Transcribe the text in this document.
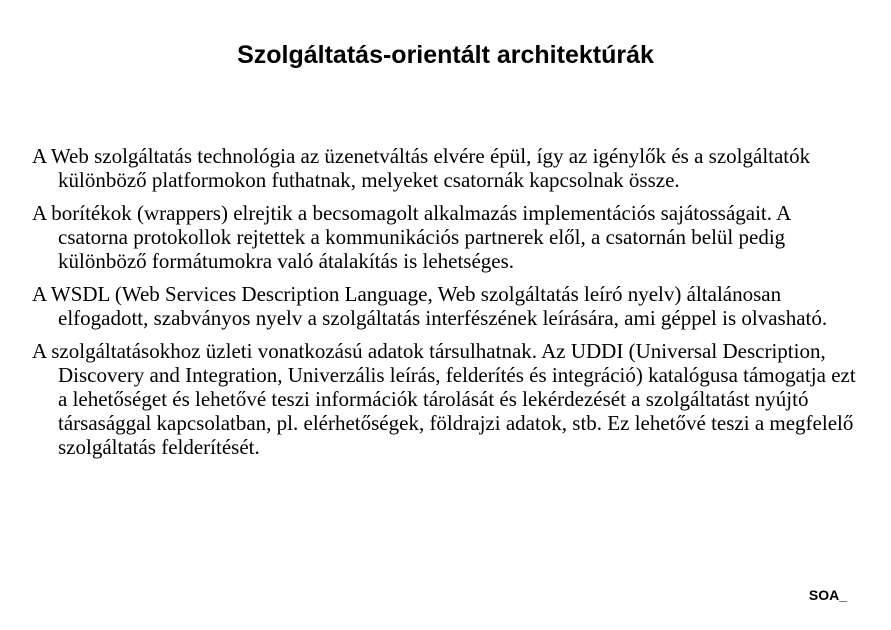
Szolgáltatás-orientált architektúrák
A Web szolgáltatás technológia az üzenetváltás elvére épül, így az igénylők és a szolgáltatók különböző platformokon futhatnak, melyeket csatornák kapcsolnak össze.
A borítékok (wrappers) elrejtik a becsomagolt alkalmazás implementációs sajátosságait. A csatorna protokollok rejtettek a kommunikációs partnerek elől, a csatornán belül pedig különböző formátumokra való átalakítás is lehetséges.
A WSDL (Web Services Description Language, Web szolgáltatás leíró nyelv) általánosan elfogadott, szabványos nyelv a szolgáltatás interfészének leírására, ami géppel is olvasható.
A szolgáltatásokhoz üzleti vonatkozású adatok társulhatnak. Az UDDI (Universal Description, Discovery and Integration, Univerzális leírás, felderítés és integráció) katalógusa támogatja ezt a lehetőséget és lehetővé teszi információk tárolását és lekérdezését a szolgáltatást nyújtó társasággal kapcsolatban, pl. elérhetőségek, földrajzi adatok, stb. Ez lehetővé teszi a megfelelő szolgáltatás felderítését.
SOA_
